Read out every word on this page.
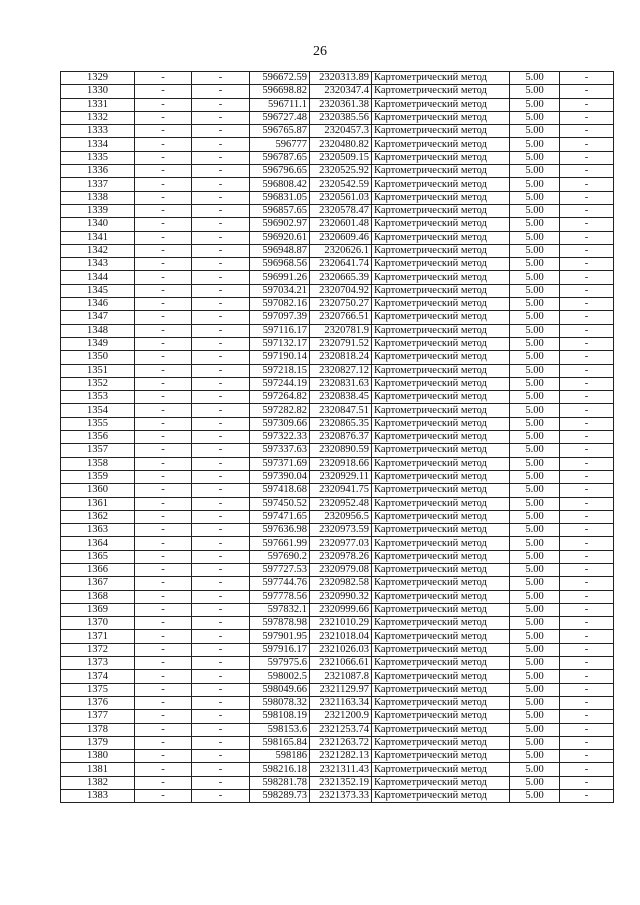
26
1329	-	-	596672.59	2320313.89	Картометрический метод	5.00	-
1330	-	-	596698.82	2320347.4	Картометрический метод	5.00	-
1331	-	-	596711.1	2320361.38	Картометрический метод	5.00	-
1332	-	-	596727.48	2320385.56	Картометрический метод	5.00	-
1333	-	-	596765.87	2320457.3	Картометрический метод	5.00	-
1334	-	-	596777	2320480.82	Картометрический метод	5.00	-
1335	-	-	596787.65	2320509.15	Картометрический метод	5.00	-
1336	-	-	596796.65	2320525.92	Картометрический метод	5.00	-
1337	-	-	596808.42	2320542.59	Картометрический метод	5.00	-
1338	-	-	596831.05	2320561.03	Картометрический метод	5.00	-
1339	-	-	596857.65	2320578.47	Картометрический метод	5.00	-
1340	-	-	596902.97	2320601.48	Картометрический метод	5.00	-
1341	-	-	596920.61	2320609.46	Картометрический метод	5.00	-
1342	-	-	596948.87	2320626.1	Картометрический метод	5.00	-
1343	-	-	596968.56	2320641.74	Картометрический метод	5.00	-
1344	-	-	596991.26	2320665.39	Картометрический метод	5.00	-
1345	-	-	597034.21	2320704.92	Картометрический метод	5.00	-
1346	-	-	597082.16	2320750.27	Картометрический метод	5.00	-
1347	-	-	597097.39	2320766.51	Картометрический метод	5.00	-
1348	-	-	597116.17	2320781.9	Картометрический метод	5.00	-
1349	-	-	597132.17	2320791.52	Картометрический метод	5.00	-
1350	-	-	597190.14	2320818.24	Картометрический метод	5.00	-
1351	-	-	597218.15	2320827.12	Картометрический метод	5.00	-
1352	-	-	597244.19	2320831.63	Картометрический метод	5.00	-
1353	-	-	597264.82	2320838.45	Картометрический метод	5.00	-
1354	-	-	597282.82	2320847.51	Картометрический метод	5.00	-
1355	-	-	597309.66	2320865.35	Картометрический метод	5.00	-
1356	-	-	597322.33	2320876.37	Картометрический метод	5.00	-
1357	-	-	597337.63	2320890.59	Картометрический метод	5.00	-
1358	-	-	597371.69	2320918.66	Картометрический метод	5.00	-
1359	-	-	597390.04	2320929.11	Картометрический метод	5.00	-
1360	-	-	597418.68	2320941.75	Картометрический метод	5.00	-
1361	-	-	597450.52	2320952.48	Картометрический метод	5.00	-
1362	-	-	597471.65	2320956.5	Картометрический метод	5.00	-
1363	-	-	597636.98	2320973.59	Картометрический метод	5.00	-
1364	-	-	597661.99	2320977.03	Картометрический метод	5.00	-
1365	-	-	597690.2	2320978.26	Картометрический метод	5.00	-
1366	-	-	597727.53	2320979.08	Картометрический метод	5.00	-
1367	-	-	597744.76	2320982.58	Картометрический метод	5.00	-
1368	-	-	597778.56	2320990.32	Картометрический метод	5.00	-
1369	-	-	597832.1	2320999.66	Картометрический метод	5.00	-
1370	-	-	597878.98	2321010.29	Картометрический метод	5.00	-
1371	-	-	597901.95	2321018.04	Картометрический метод	5.00	-
1372	-	-	597916.17	2321026.03	Картометрический метод	5.00	-
1373	-	-	597975.6	2321066.61	Картометрический метод	5.00	-
1374	-	-	598002.5	2321087.8	Картометрический метод	5.00	-
1375	-	-	598049.66	2321129.97	Картометрический метод	5.00	-
1376	-	-	598078.32	2321163.34	Картометрический метод	5.00	-
1377	-	-	598108.19	2321200.9	Картометрический метод	5.00	-
1378	-	-	598153.6	2321253.74	Картометрический метод	5.00	-
1379	-	-	598165.84	2321263.72	Картометрический метод	5.00	-
1380	-	-	598186	2321282.13	Картометрический метод	5.00	-
1381	-	-	598216.18	2321311.43	Картометрический метод	5.00	-
1382	-	-	598281.78	2321352.19	Картометрический метод	5.00	-
1383	-	-	598289.73	2321373.33	Картометрический метод	5.00	-
